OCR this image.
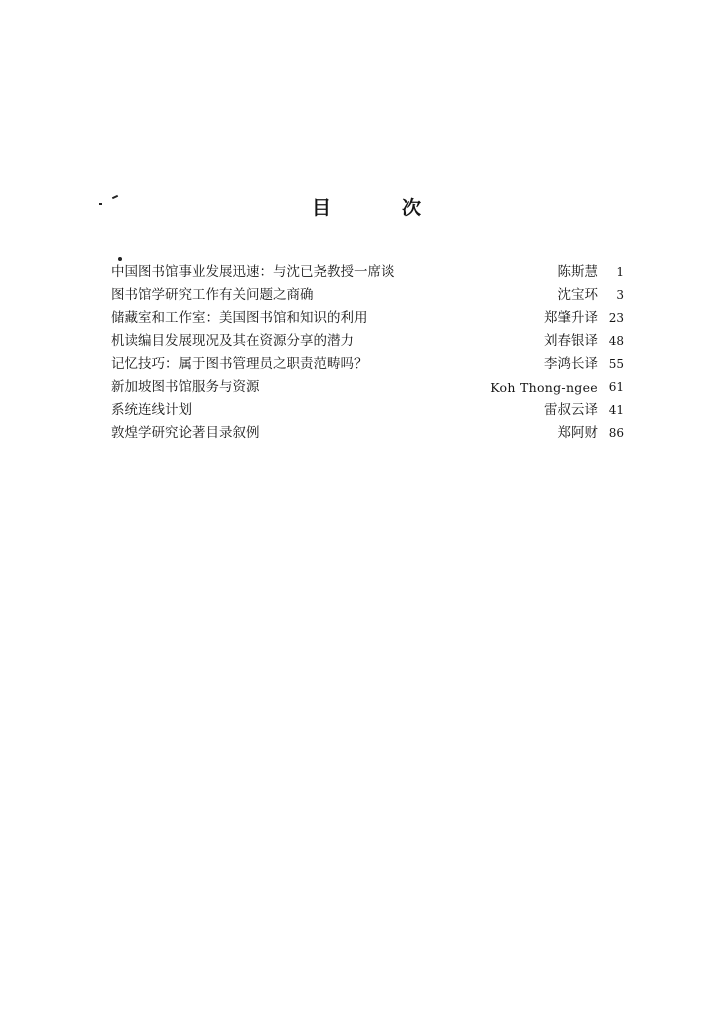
目	次
中国图书馆事业发展迅速：与沈已尧教授一席谈	陈斯慧	1
图书馆学研究工作有关问题之商确	沈宝环	3
储藏室和工作室：美国图书馆和知识的利用	郑肇升译 23
机读编目发展现况及其在资源分享的潜力	刘春银译 48
记忆技巧：属于图书管理员之职责范畴吗？	李鸿长译 55
新加坡图书馆服务与资源	Koh Thong-ngee 61
系统连线计划	雷叔云译 41
敦煌学研究论著目录叙例	郑阿财 86
